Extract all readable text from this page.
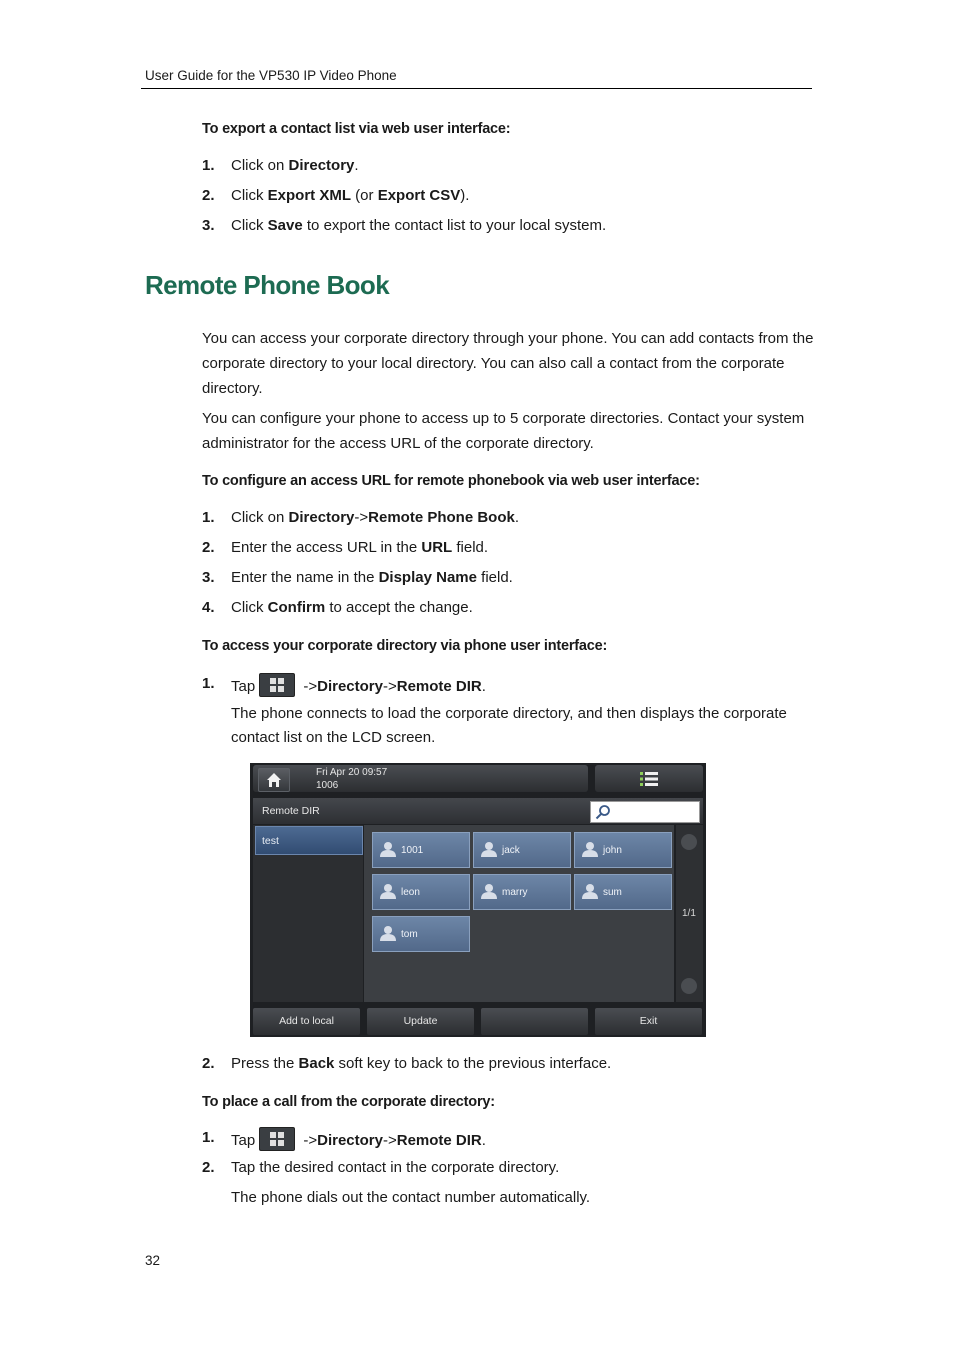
User Guide for the VP530 IP Video Phone
To export a contact list via web user interface:
1. Click on Directory.
2. Click Export XML (or Export CSV).
3. Click Save to export the contact list to your local system.
Remote Phone Book
You can access your corporate directory through your phone. You can add contacts from the corporate directory to your local directory. You can also call a contact from the corporate directory.
You can configure your phone to access up to 5 corporate directories. Contact your system administrator for the access URL of the corporate directory.
To configure an access URL for remote phonebook via web user interface:
1. Click on Directory->Remote Phone Book.
2. Enter the access URL in the URL field.
3. Enter the name in the Display Name field.
4. Click Confirm to accept the change.
To access your corporate directory via phone user interface:
1. Tap	->Directory->Remote DIR.
The phone connects to load the corporate directory, and then displays the corporate contact list on the LCD screen.
Fri Apr 20 09:57
1006
Remote DIR
test
1001	jack	john
leon	marry	sum
tom
1/1
Add to local	Update	Exit
2. Press the Back soft key to back to the previous interface.
To place a call from the corporate directory:
1. Tap	->Directory->Remote DIR.
2. Tap the desired contact in the corporate directory.
The phone dials out the contact number automatically.
32
